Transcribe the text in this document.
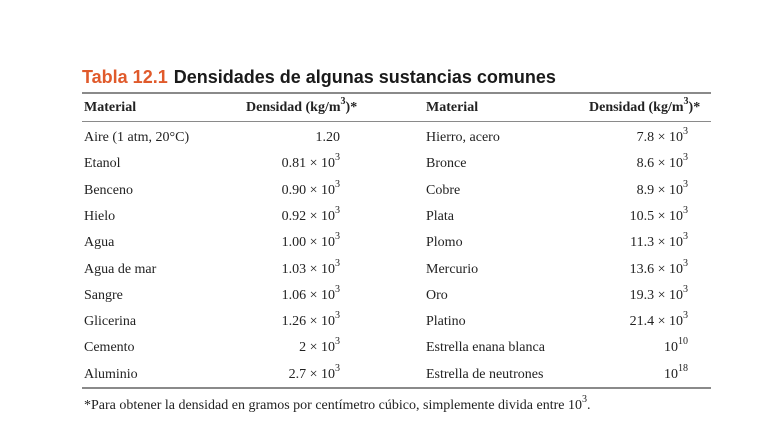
Tabla 12.1 Densidades de algunas sustancias comunes
Material	Densidad $(kg/m^3)*$	Material	Densidad $(kg/m^3)*$
Aire (1 atm, 20°C)	1.20	Hierro, acero	$7.8 \times 10^3$
Etanol	$0.81 \times 10^3$	Bronce	$8.6 \times 10^3$
Benceno	$0.90 \times 10^3$	Cobre	$8.9 \times 10^3$
Hielo	$0.92 \times 10^3$	Plata	$10.5 \times 10^3$
Agua	$1.00 \times 10^3$	Plomo	$11.3 \times 10^3$
Agua de mar	$1.03 \times 10^3$	Mercurio	$13.6 \times 10^3$
Sangre	$1.06 \times 10^3$	Oro	$19.3 \times 10^3$
Glicerina	$1.26 \times 10^3$	Platino	$21.4 \times 10^3$
Cemento	$2 \times 10^3$	Estrella enana blanca	$10^{10}$
Aluminio	$2.7 \times 10^3$	Estrella de neutrones	$10^{18}$
*Para obtener la densidad en gramos por centímetro cúbico, simplemente divida entre $10^3$.
